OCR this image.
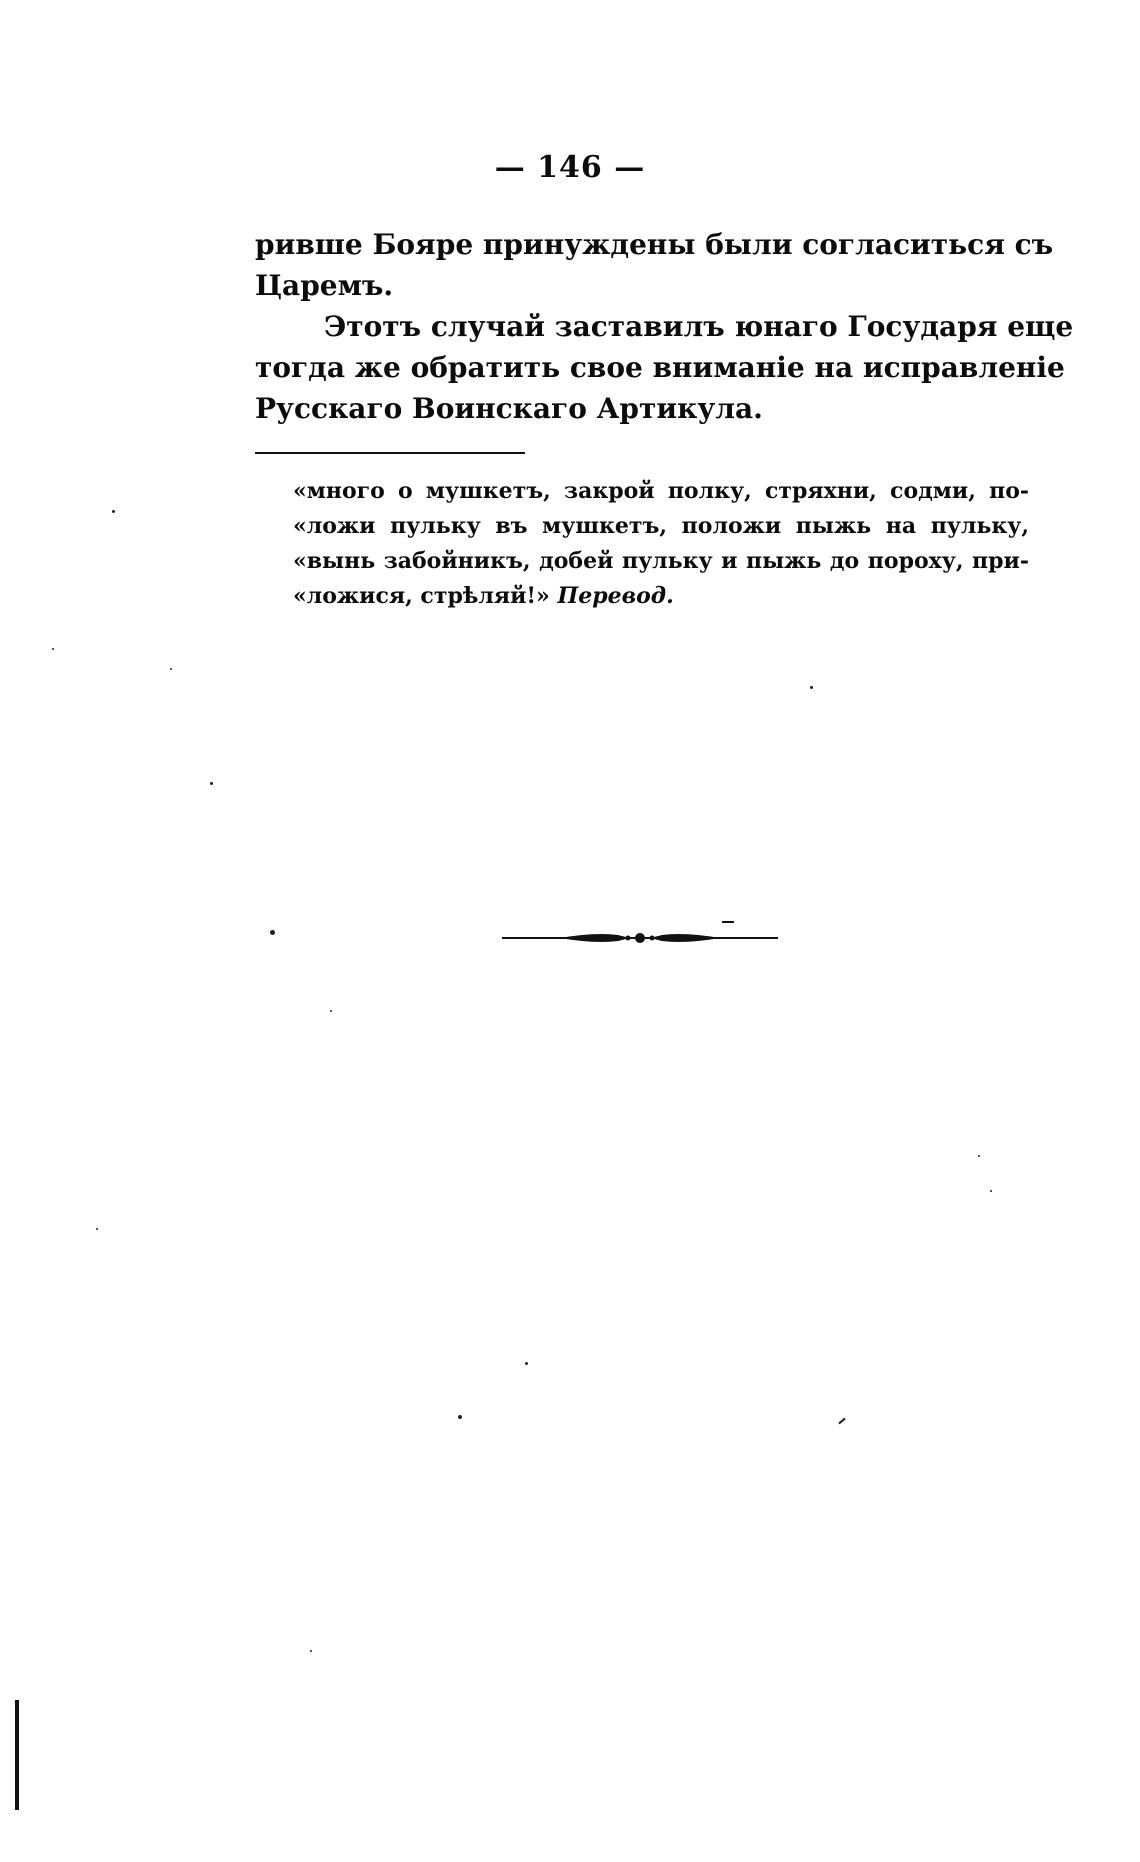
— 146 —

ривше Бояре принуждены были согласиться съ
Царемъ.

Этотъ случай заставилъ юнаго Государя еще
тогда же обратить свое вниманіе на исправленіе
Русскаго Воинскаго Артикула.

«много о мушкетъ, закрой полку, стряхни, содми, по-
«ложи пульку въ мушкетъ, положи пыжь на пульку,
«вынь забойникъ, добей пульку и пыжь до пороху, при-
«ложися, стрѣляй!» Перевод.
